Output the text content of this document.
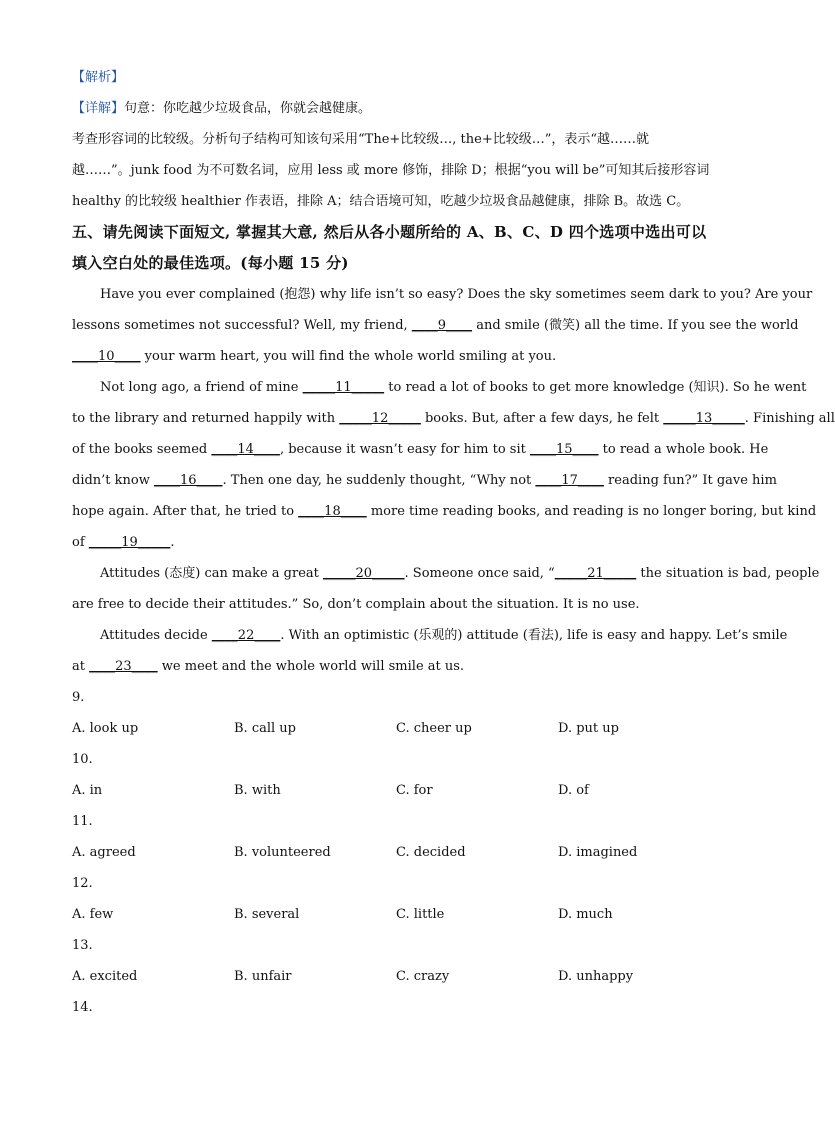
【解析】
【详解】句意：你吃越少垃圾食品，你就会越健康。
考查形容词的比较级。分析句子结构可知该句采用“The+比较级…, the+比较级…”，表示“越……就
越……”。junk food 为不可数名词，应用 less 或 more 修饰，排除 D；根据“you will be”可知其后接形容词
healthy 的比较级 healthier 作表语，排除 A；结合语境可知，吃越少垃圾食品越健康，排除 B。故选 C。
五、请先阅读下面短文, 掌握其大意, 然后从各小题所给的 A、B、C、D 四个选项中选出可以
填入空白处的最佳选项。(每小题 15 分)
Have you ever complained (抱怨) why life isn’t so easy? Does the sky sometimes seem dark to you? Are your
lessons sometimes not successful? Well, my friend, ____9____ and smile (微笑) all the time. If you see the world
____10____ your warm heart, you will find the whole world smiling at you.
Not long ago, a friend of mine _____11_____ to read a lot of books to get more knowledge (知识). So he went
to the library and returned happily with _____12_____ books. But, after a few days, he felt _____13_____. Finishing all
of the books seemed ____14____, because it wasn’t easy for him to sit ____15____ to read a whole book. He
didn’t know ____16____. Then one day, he suddenly thought, “Why not ____17____ reading fun?” It gave him
hope again. After that, he tried to ____18____ more time reading books, and reading is no longer boring, but kind
of _____19_____.
Attitudes (态度) can make a great _____20_____. Someone once said, “_____21_____ the situation is bad, people
are free to decide their attitudes.” So, don’t complain about the situation. It is no use.
Attitudes decide ____22____. With an optimistic (乐观的) attitude (看法), life is easy and happy. Let’s smile
at ____23____ we meet and the whole world will smile at us.
9.
A. look up	B. call up	C. cheer up	D. put up
10.
A. in	B. with	C. for	D. of
11.
A. agreed	B. volunteered	C. decided	D. imagined
12.
A. few	B. several	C. little	D. much
13.
A. excited	B. unfair	C. crazy	D. unhappy
14.
